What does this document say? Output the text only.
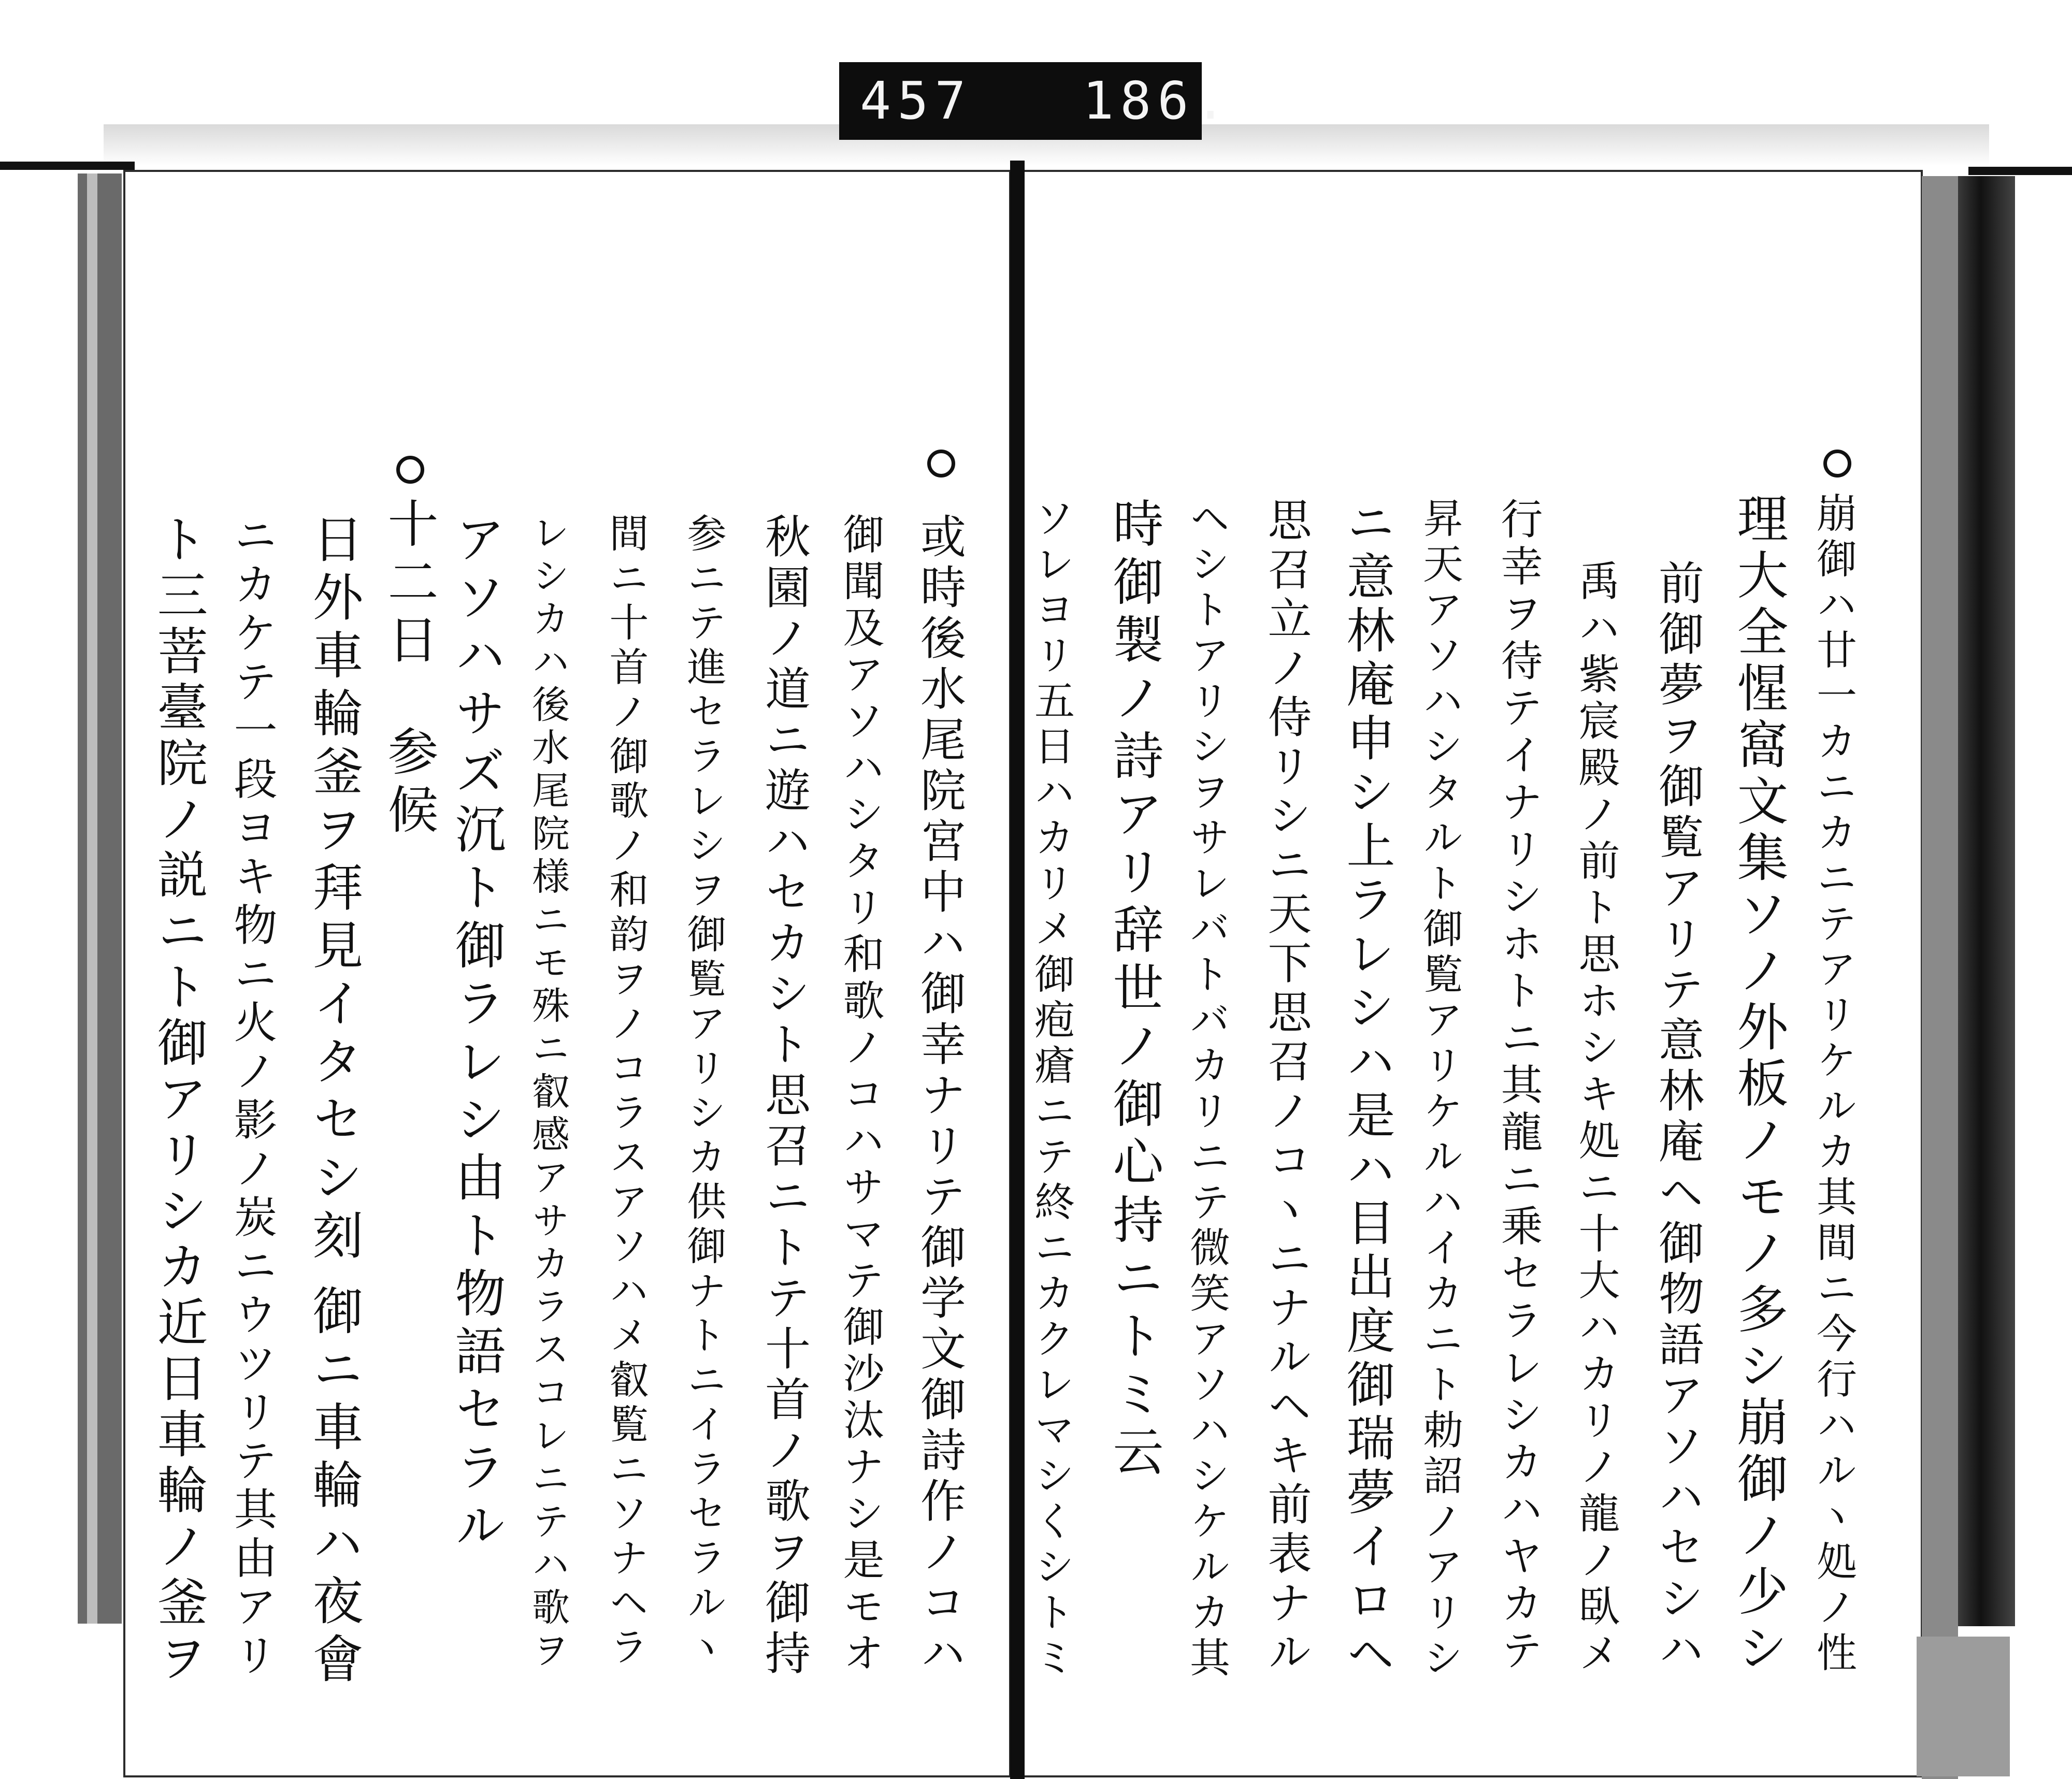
457 186.
崩御ハ廿一カニカニテアリケルカ其間ニ今行ハルヽ処ノ性
理大全惺窩文集ソノ外板ノモノ多シ崩御ノ少シ
前御夢ヲ御覧アリテ意林庵ヘ御物語アソハセシハ
禹ハ紫宸殿ノ前ト思ホシキ処ニ十大ハカリノ龍ノ臥メ
行幸ヲ待テイナリシホトニ其龍ニ乗セラレシカハヤカテ
昇天アソハシタルト御覧アリケルハイカニト勅詔ノアリシ
ニ意林庵申シ上ラレシハ是ハ目出度御瑞夢イロヘ
思召立ノ侍リシニ天下思召ノコヽニナルヘキ前表ナル
ヘシトアリシヲサレバトバカリニテ微笑アソハシケルカ其
時御製ノ詩アリ辞世ノ御心持ニトミ云
ソレヨリ五日ハカリメ御疱瘡ニテ終ニカクレマシくシトミ
或時後水尾院宮中ハ御幸ナリテ御学文御詩作ノコハ
御聞及アソハシタリ和歌ノコハサマテ御沙汰ナシ是モオ
秋園ノ道ニ遊ハセカシト思召ニトテ十首ノ歌ヲ御持
参ニテ進セラレシヲ御覧アリシカ供御ナトニイラセラルヽ
間ニ十首ノ御歌ノ和韵ヲノコラスアソハメ叡覧ニソナヘラ
レシカハ後水尾院様ニモ殊ニ叡感アサカラスコレニテハ歌ヲ
アソハサズ沉ト御ラレシ由ト物語セラル
十二日
参候
日外車輪釜ヲ拜見イタセシ刻
ニカケテ一段ヨキ物ニ火ノ影ノ炭ニウツリテ其由アリ
ト三菩臺院ノ説ニト御アリシカ近日車輪ノ釜ヲ 御ニ車輪ハ夜會
